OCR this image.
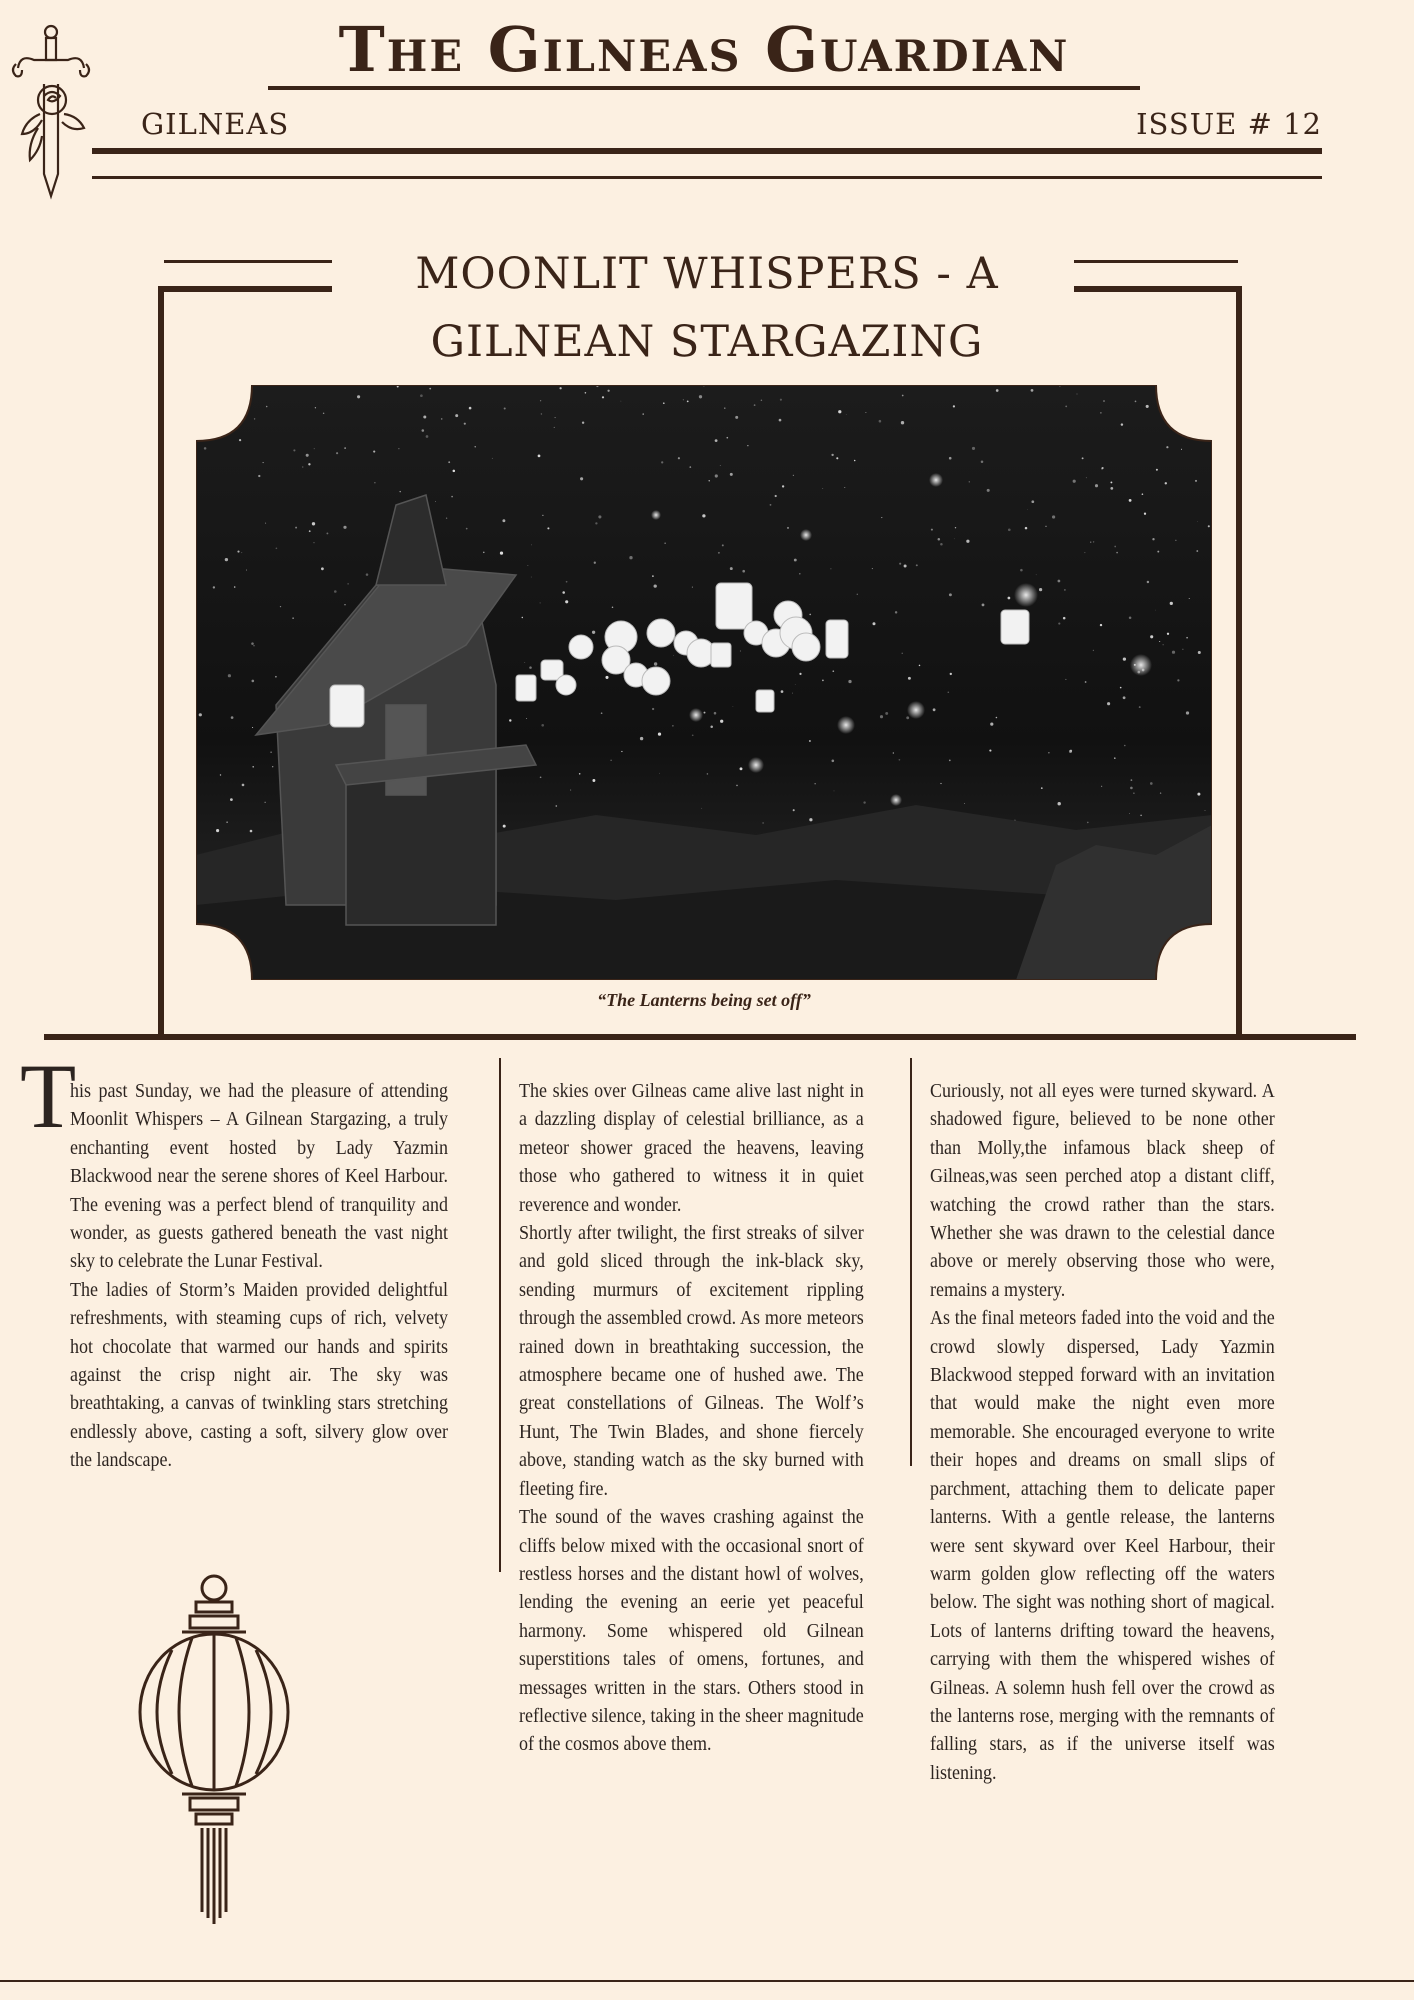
The Gilneas Guardian
GILNEAS	ISSUE # 12
MOONLIT WHISPERS - A
GILNEAN STARGAZING
“The Lanterns being set off”
T

his past Sunday, we had the pleasure of attending Moonlit Whispers – A Gilnean Stargazing, a truly enchanting event hosted by Lady Yazmin Blackwood near the serene shores of Keel Harbour. The evening was a perfect blend of tranquility and wonder, as guests gathered beneath the vast night sky to celebrate the Lunar Festival.

The ladies of Storm’s Maiden provided delightful refreshments, with steaming cups of rich, velvety hot chocolate that warmed our hands and spirits against the crisp night air. The sky was breathtaking, a canvas of twinkling stars stretching endlessly above, casting a soft, silvery glow over the landscape.

The skies over Gilneas came alive last night in a dazzling display of celestial brilliance, as a meteor shower graced the heavens, leaving those who gathered to witness it in quiet reverence and wonder.

Shortly after twilight, the first streaks of silver and gold sliced through the ink-black sky, sending murmurs of excitement rippling through the assembled crowd. As more meteors rained down in breathtaking succession, the atmosphere became one of hushed awe. The great constellations of Gilneas. The Wolf’s Hunt, The Twin Blades, and shone fiercely above, standing watch as the sky burned with fleeting fire.

The sound of the waves crashing against the cliffs below mixed with the occasional snort of restless horses and the distant howl of wolves, lending the evening an eerie yet peaceful harmony. Some whispered old Gilnean superstitions tales of omens, fortunes, and messages written in the stars. Others stood in reflective silence, taking in the sheer magnitude of the cosmos above them.

Curiously, not all eyes were turned skyward. A shadowed figure, believed to be none other than Molly,the infamous black sheep of Gilneas,was seen perched atop a distant cliff, watching the crowd rather than the stars. Whether she was drawn to the celestial dance above or merely observing those who were, remains a mystery.

As the final meteors faded into the void and the crowd slowly dispersed, Lady Yazmin Blackwood stepped forward with an invitation that would make the night even more memorable. She encouraged everyone to write their hopes and dreams on small slips of parchment, attaching them to delicate paper lanterns. With a gentle release, the lanterns were sent skyward over Keel Harbour, their warm golden glow reflecting off the waters below. The sight was nothing short of magical. Lots of lanterns drifting toward the heavens, carrying with them the whispered wishes of Gilneas. A solemn hush fell over the crowd as the lanterns rose, merging with the remnants of falling stars, as if the universe itself was listening.
